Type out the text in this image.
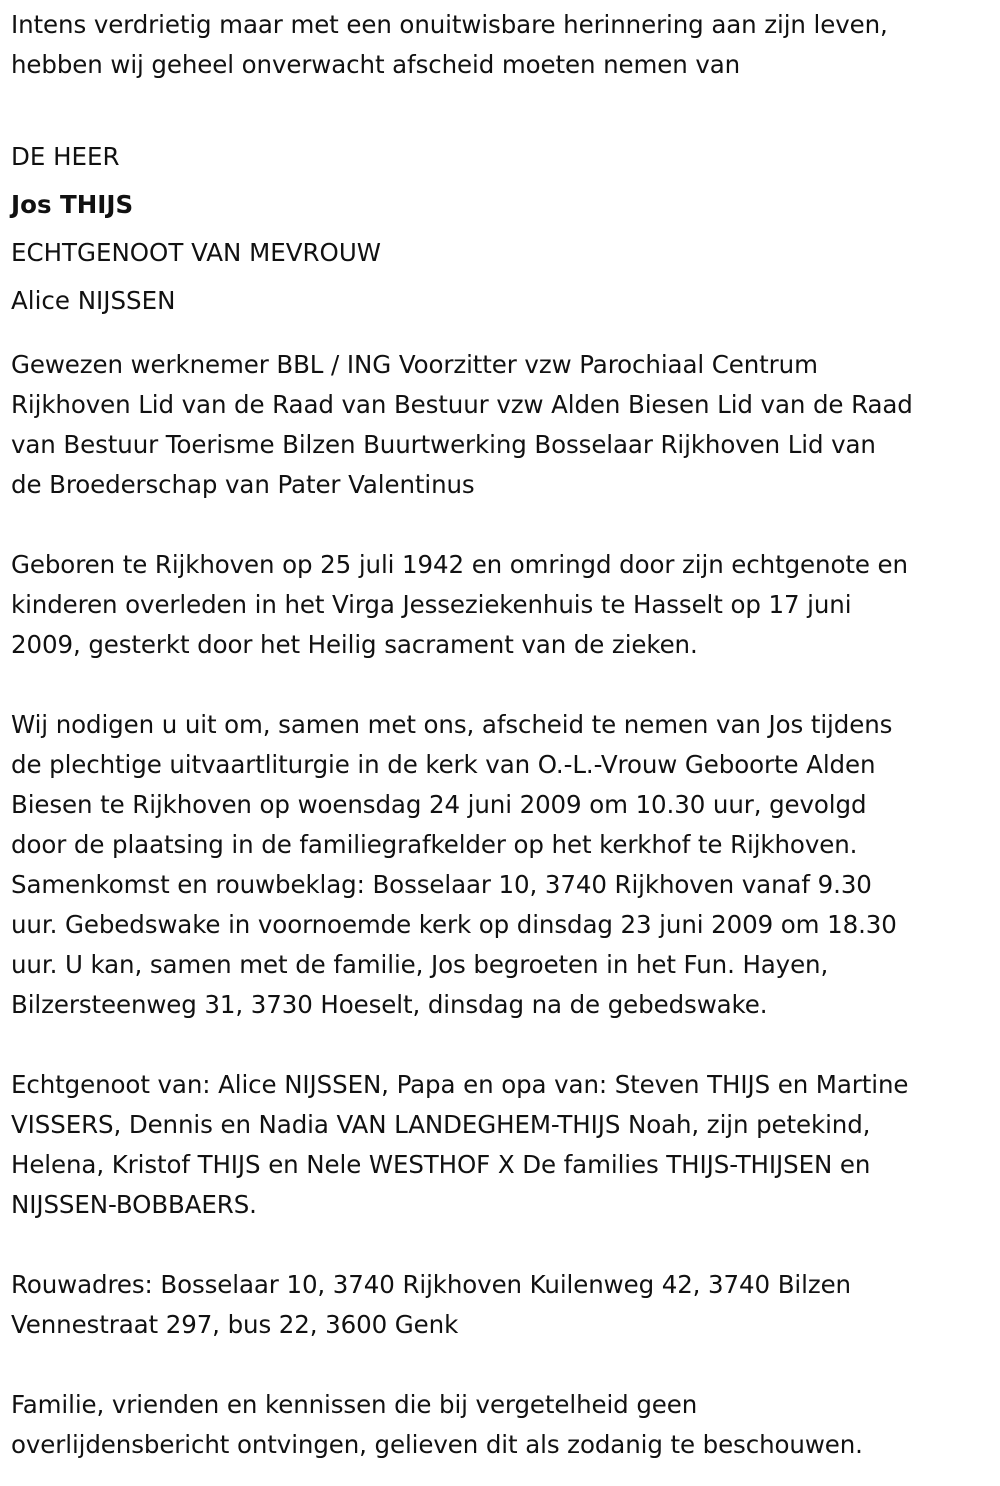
Intens verdrietig maar met een onuitwisbare herinnering aan zijn leven,
hebben wij geheel onverwacht afscheid moeten nemen van

DE HEER

Jos THIJS

ECHTGENOOT VAN MEVROUW

Alice NIJSSEN

Gewezen werknemer BBL / ING Voorzitter vzw Parochiaal Centrum
Rijkhoven Lid van de Raad van Bestuur vzw Alden Biesen Lid van de Raad
van Bestuur Toerisme Bilzen Buurtwerking Bosselaar Rijkhoven Lid van
de Broederschap van Pater Valentinus

Geboren te Rijkhoven op 25 juli 1942 en omringd door zijn echtgenote en
kinderen overleden in het Virga Jesseziekenhuis te Hasselt op 17 juni
2009, gesterkt door het Heilig sacrament van de zieken.

Wij nodigen u uit om, samen met ons, afscheid te nemen van Jos tijdens
de plechtige uitvaartliturgie in de kerk van O.-L.-Vrouw Geboorte Alden
Biesen te Rijkhoven op woensdag 24 juni 2009 om 10.30 uur, gevolgd
door de plaatsing in de familiegrafkelder op het kerkhof te Rijkhoven.
Samenkomst en rouwbeklag: Bosselaar 10, 3740 Rijkhoven vanaf 9.30
uur. Gebedswake in voornoemde kerk op dinsdag 23 juni 2009 om 18.30
uur. U kan, samen met de familie, Jos begroeten in het Fun. Hayen,
Bilzersteenweg 31, 3730 Hoeselt, dinsdag na de gebedswake.

Echtgenoot van: Alice NIJSSEN, Papa en opa van: Steven THIJS en Martine
VISSERS, Dennis en Nadia VAN LANDEGHEM-THIJS Noah, zijn petekind,
Helena, Kristof THIJS en Nele WESTHOF X De families THIJS-THIJSEN en
NIJSSEN-BOBBAERS.

Rouwadres: Bosselaar 10, 3740 Rijkhoven Kuilenweg 42, 3740 Bilzen
Vennestraat 297, bus 22, 3600 Genk

Familie, vrienden en kennissen die bij vergetelheid geen
overlijdensbericht ontvingen, gelieven dit als zodanig te beschouwen.
